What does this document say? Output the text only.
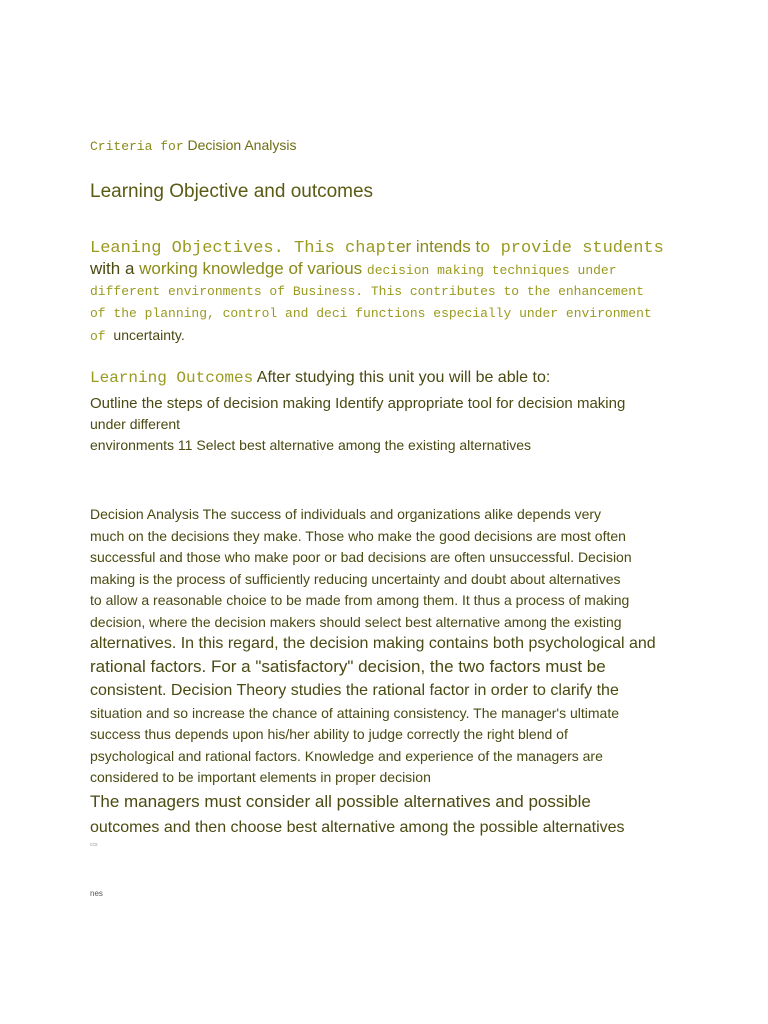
Criteria for Decision Analysis
Learning Objective and outcomes
Leaning Objectives. This chapter intends to provide students
with a working knowledge of various decision making techniques under
different environments of Business. This contributes to the enhancement
of the planning, control and deci functions especially under environment
of uncertainty.
Learning Outcomes After studying this unit you will be able to:
Outline the steps of decision making Identify appropriate tool for decision making
under different
environments 11 Select best alternative among the existing alternatives
Decision Analysis The success of individuals and organizations alike depends very
much on the decisions they make. Those who make the good decisions are most often
successful and those who make poor or bad decisions are often unsuccessful. Decision
making is the process of sufficiently reducing uncertainty and doubt about alternatives
to allow a reasonable choice to be made from among them. It thus a process of making
decision, where the decision makers should select best alternative among the existing
alternatives. In this regard, the decision making contains both psychological and
rational factors. For a "satisfactory" decision, the two factors must be
consistent. Decision Theory studies the rational factor in order to clarify the
situation and so increase the chance of attaining consistency. The manager's ultimate
success thus depends upon his/her ability to judge correctly the right blend of
psychological and rational factors. Knowledge and experience of the managers are
considered to be important elements in proper decision
The managers must consider all possible alternatives and possible
outcomes and then choose best alternative among the possible alternatives
ccs
nes
